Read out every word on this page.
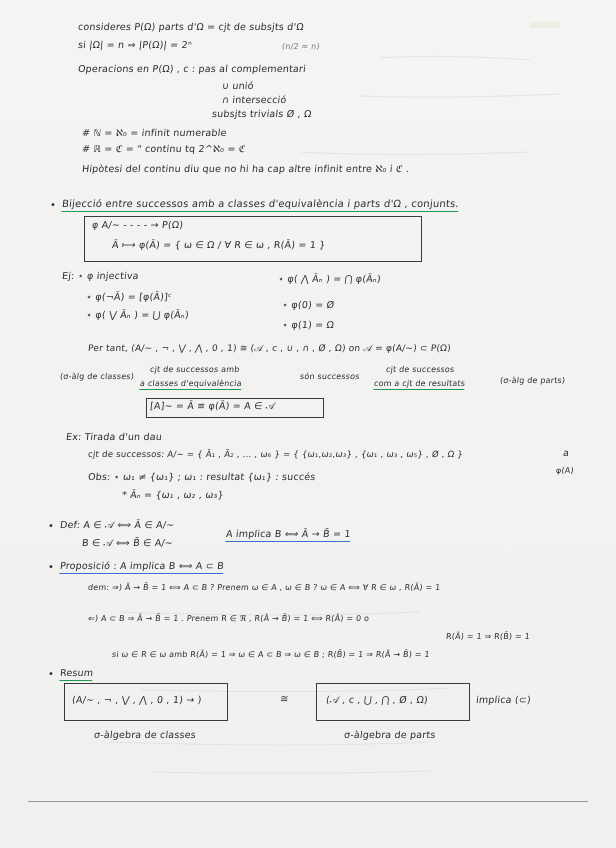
consideres P(Ω) parts d'Ω = cjt de subsjts d'Ω
si |Ω| = n ⇒ |P(Ω)| = 2ⁿ	(n/2 ≈ n)
Operacions en P(Ω) , c : pas al complementari
∪ unió
∩ intersecció
subsjts trivials Ø , Ω
# ℕ = ℵ₀ = infinit numerable
# ℝ = ℭ = " continu tq 2^ℵ₀ = ℭ
Hipòtesi del continu diu que no hi ha cap altre infinit entre ℵ₀ i ℭ .
• Bijecció entre successos amb a classes d'equivalència i parts d'Ω , conjunts.
φ A/~ - - - - → P(Ω)
Ā ⟼ φ(Ā) = { ω ∈ Ω / ∀ R ∈ ω , R(Ā) = 1 }
Ej: ⋆ φ injectiva	⋆ φ( ⋀ Āₙ ) = ⋂ φ(Āₙ)
⋆ φ(¬Ā) = [φ(Ā)]ᶜ
⋆ φ(0) = Ø
⋆ φ( ⋁ Āₙ ) = ⋃ φ(Āₙ)
⋆ φ(1) = Ω
Per tant, (A/~ , ¬ , ⋁ , ⋀ , 0 , 1) ≅ (𝒜 , c , ∪ , ∩ , Ø , Ω) on 𝒜 = φ(A/~) ⊂ P(Ω)
(σ-àlg de classes)
cjt de successos amb
a classes d'equivalència
són successos
cjt de successos
com a cjt de resultats	(σ-àlg de parts)
[A]~ = Ā ≡ φ(Ā) = A ∈ 𝒜
Ex: Tirada d'un dau
cjt de successos: A/~ = { Ā₁ , Ā₂ , ... , ω₆ } = { {ω₁,ω₂,ω₃} , {ω₁ , ω₃ , ω₅} , Ø , Ω }	a
φ(A)
Obs: ⋆ ω₁ ≠ {ω₁} ; ω₁ : resultat {ω₁} : succés
* Āₙ = {ω₁ , ω₂ , ω₃}
• Def: A ∈ 𝒜 ⟺ Ā ∈ A/~
B ∈ 𝒜 ⟺ B̄ ∈ A/~
A implica B ⟺ Ā → B̄ = 1
• Proposició : A implica B ⟺ A ⊂ B
dem: ⇒) Ā → B̄ = 1 ⟺ A ⊂ B ? Prenem ω ∈ A , ω ∈ B ? ω ∈ A ⟺ ∀ R ∈ ω , R(Ā) = 1
⇐) A ⊂ B ⇒ Ā → B̄ = 1 . Prenem R ∈ ℜ , R(Ā → B̄) = 1 ⟺ R(Ā) = 0 o
R(Ā) = 1 ⇒ R(B̄) = 1
si ω ∈ R ∈ ω amb R(Ā) = 1 ⇒ ω ∈ A ⊂ B ⇒ ω ∈ B ; R(B̄) = 1 ⇒ R(Ā → B̄) = 1
• Resum
(A/~ , ¬ , ⋁ , ⋀ , 0 , 1) → )	≅	(𝒜 , c , ⋃ , ⋂ , Ø , Ω)	implica (⊂)
σ-àlgebra de classes	σ-àlgebra de parts
